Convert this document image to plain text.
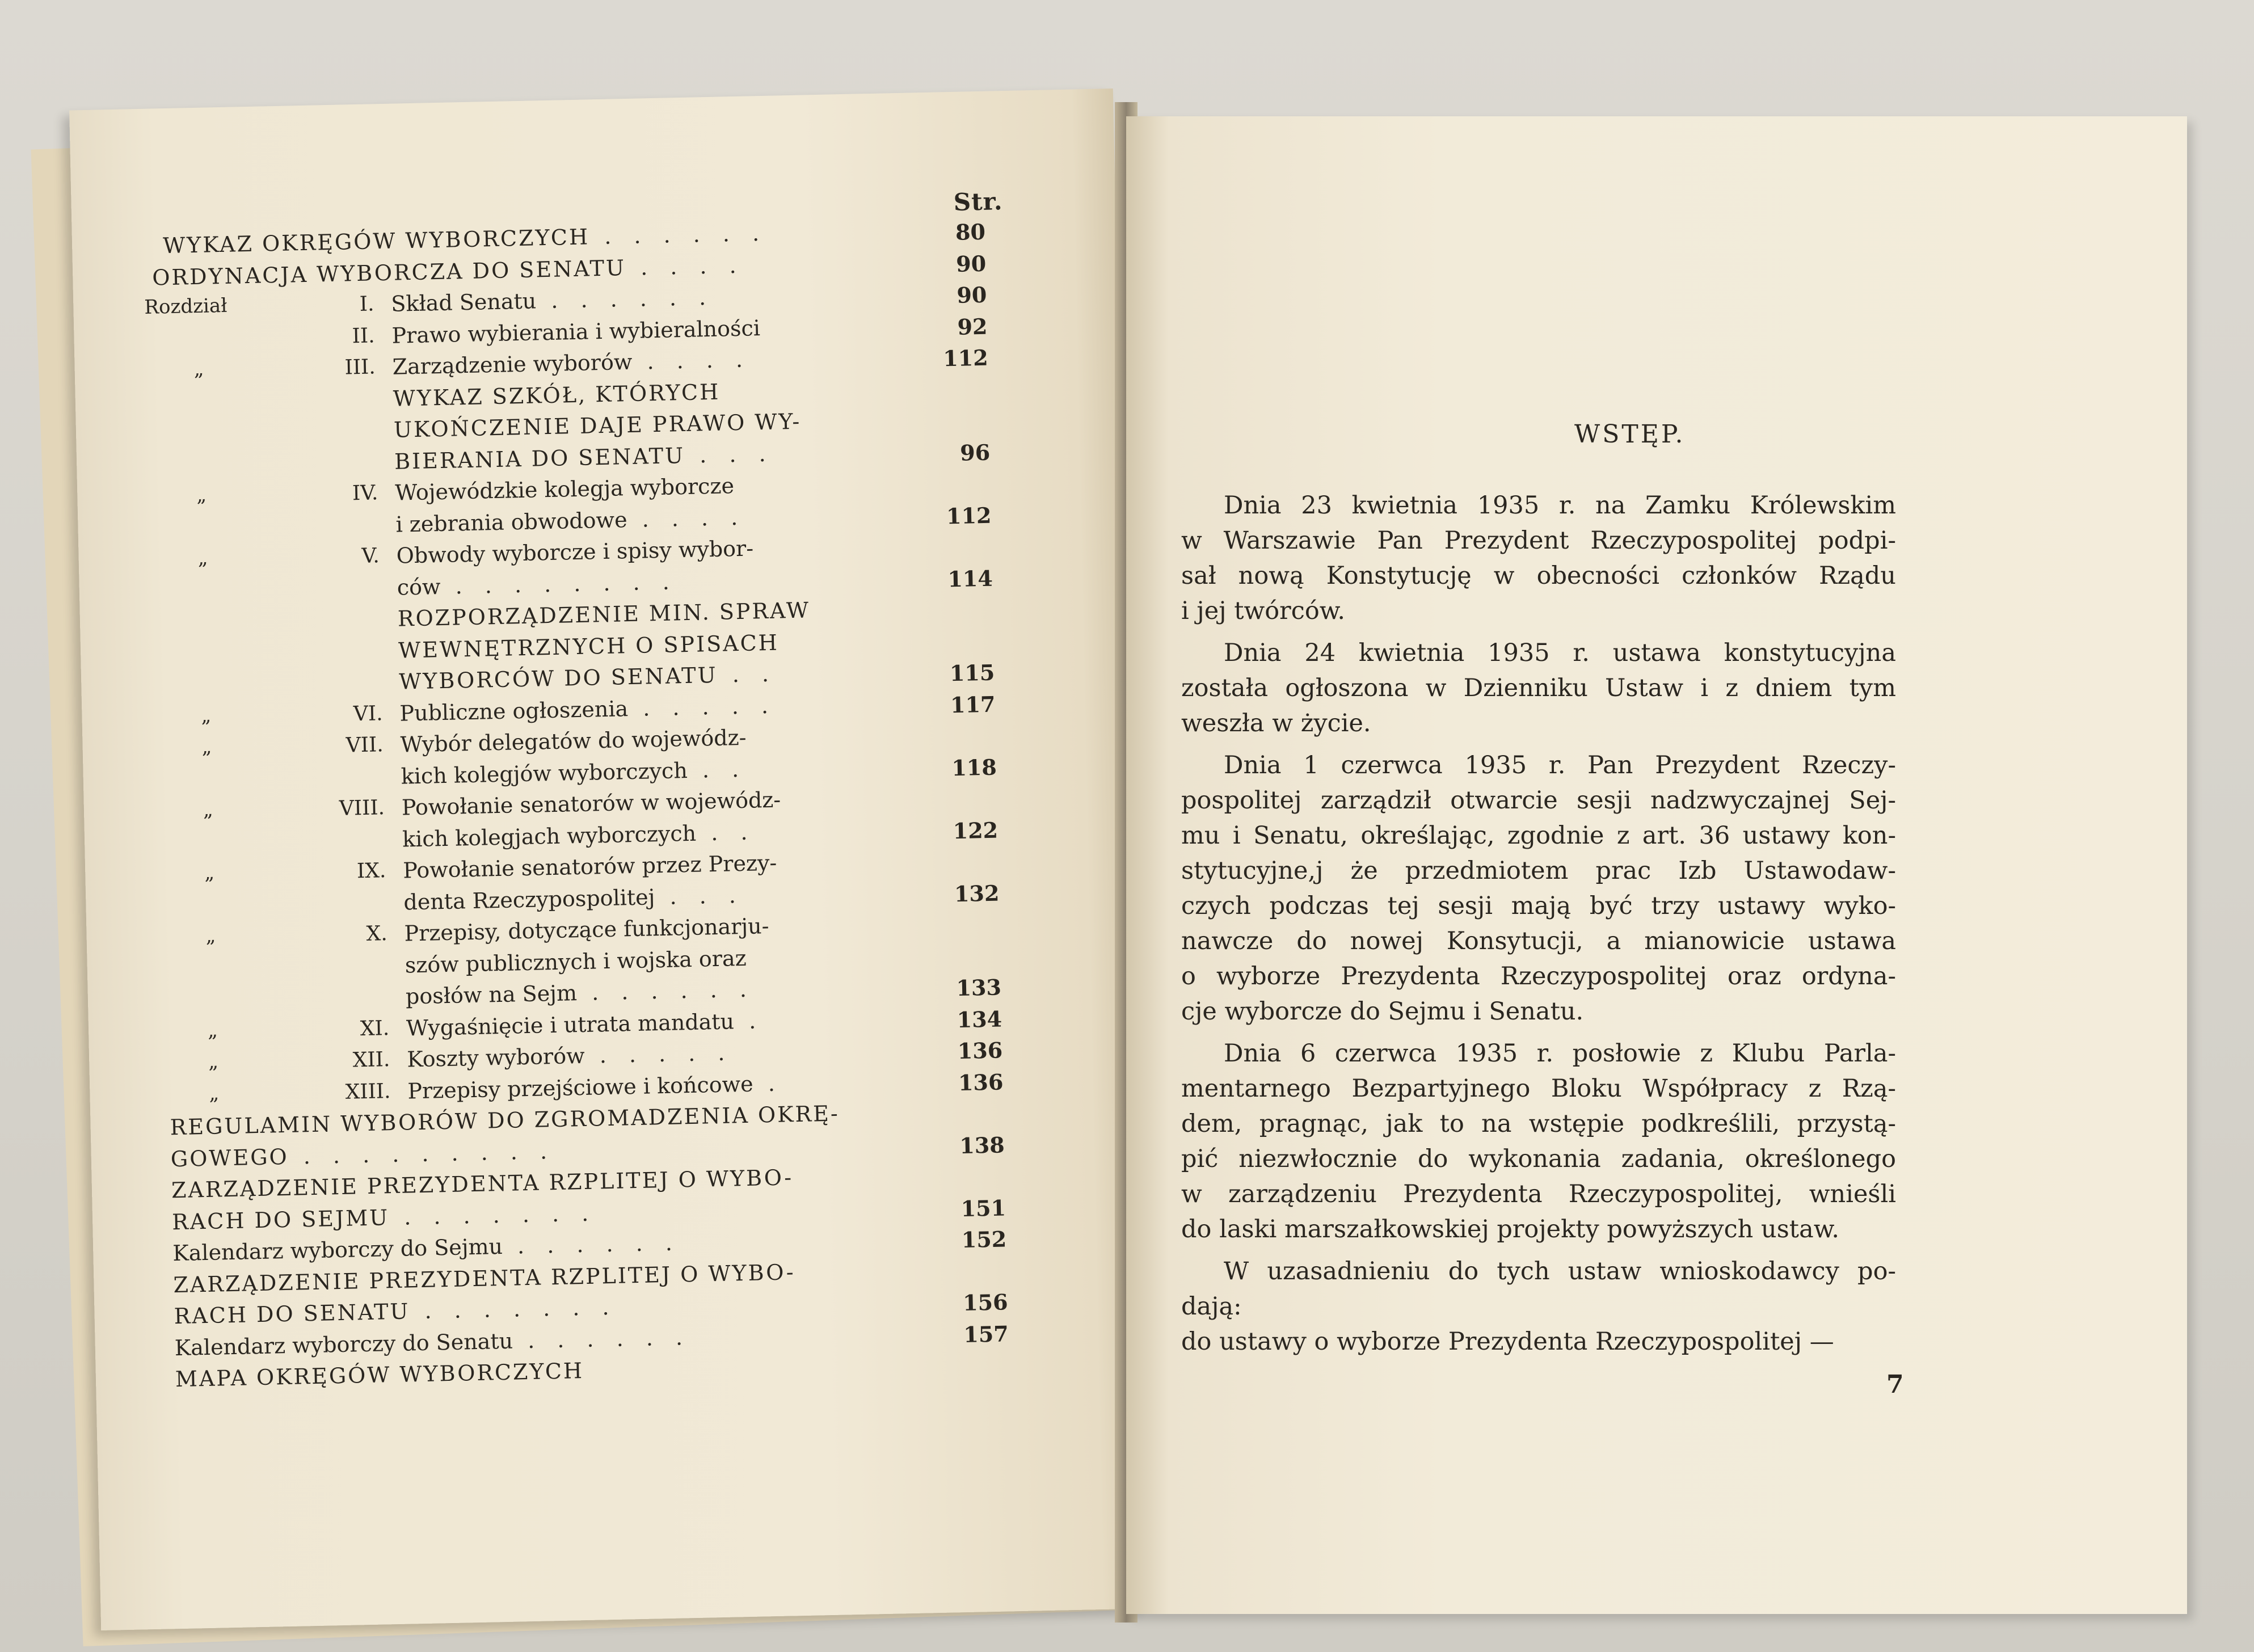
Str.
WYKAZ OKRĘGÓW WYBORCZYCH . . . . . .	80
ORDYNACJA WYBORCZA DO SENATU . . . .	90
Rozdział	I. Skład Senatu . . . . . .	90
II. Prawo wybierania i wybieralności	92
„	III. Zarządzenie wyborów . . . .	112
WYKAZ SZKÓŁ, KTÓRYCH
UKOŃCZENIE DAJE PRAWO WY-
BIERANIA DO SENATU . . .	96
„	IV. Wojewódzkie kolegja wyborcze
i zebrania obwodowe . . . .	112
„	V. Obwody wyborcze i spisy wybor-
ców . . . . . . . .	114
ROZPORZĄDZENIE MIN. SPRAW
WEWNĘTRZNYCH O SPISACH
WYBORCÓW DO SENATU . .	115
„	VI. Publiczne ogłoszenia . . . . .	117
„	VII. Wybór delegatów do wojewódz-
kich kolegjów wyborczych . .	118
„	VIII. Powołanie senatorów w wojewódz-
kich kolegjach wyborczych . .	122
„	IX. Powołanie senatorów przez Prezy-
denta Rzeczypospolitej . . .	132
„	X. Przepisy, dotyczące funkcjonarju-
szów publicznych i wojska oraz
posłów na Sejm . . . . . .	133
„	XI. Wygaśnięcie i utrata mandatu .	134
„	XII. Koszty wyborów . . . . .	136
„	XIII. Przepisy przejściowe i końcowe .	136
REGULAMIN WYBORÓW DO ZGROMADZENIA OKRĘ-
GOWEGO . . . . . . . . .	138
ZARZĄDZENIE PREZYDENTA RZPLITEJ O WYBO-
RACH DO SEJMU . . . . . . .	151
Kalendarz wyborczy do Sejmu . . . . . .	152
ZARZĄDZENIE PREZYDENTA RZPLITEJ O WYBO-
RACH DO SENATU . . . . . . .	156
Kalendarz wyborczy do Senatu . . . . . .	157
MAPA OKRĘGÓW WYBORCZYCH
WSTĘP.
Dnia 23 kwietnia 1935 r. na Zamku Królewskim
w Warszawie Pan Prezydent Rzeczypospolitej podpi-
sał nową Konstytucję w obecności członków Rządu
i jej twórców.
Dnia 24 kwietnia 1935 r. ustawa konstytucyjna
została ogłoszona w Dzienniku Ustaw i z dniem tym
weszła w życie.
Dnia 1 czerwca 1935 r. Pan Prezydent Rzeczy-
pospolitej zarządził otwarcie sesji nadzwyczajnej Sej-
mu i Senatu, określając, zgodnie z art. 36 ustawy kon-
stytucyjne,j że przedmiotem prac Izb Ustawodaw-
czych podczas tej sesji mają być trzy ustawy wyko-
nawcze do nowej Konsytucji, a mianowicie ustawa
o wyborze Prezydenta Rzeczypospolitej oraz ordyna-
cje wyborcze do Sejmu i Senatu.
Dnia 6 czerwca 1935 r. posłowie z Klubu Parla-
mentarnego Bezpartyjnego Bloku Współpracy z Rzą-
dem, pragnąc, jak to na wstępie podkreślili, przystą-
pić niezwłocznie do wykonania zadania, określonego
w zarządzeniu Prezydenta Rzeczypospolitej, wnieśli
do laski marszałkowskiej projekty powyższych ustaw.
W uzasadnieniu do tych ustaw wnioskodawcy po-
dają:
do ustawy o wyborze Prezydenta Rzeczypospolitej —
7
